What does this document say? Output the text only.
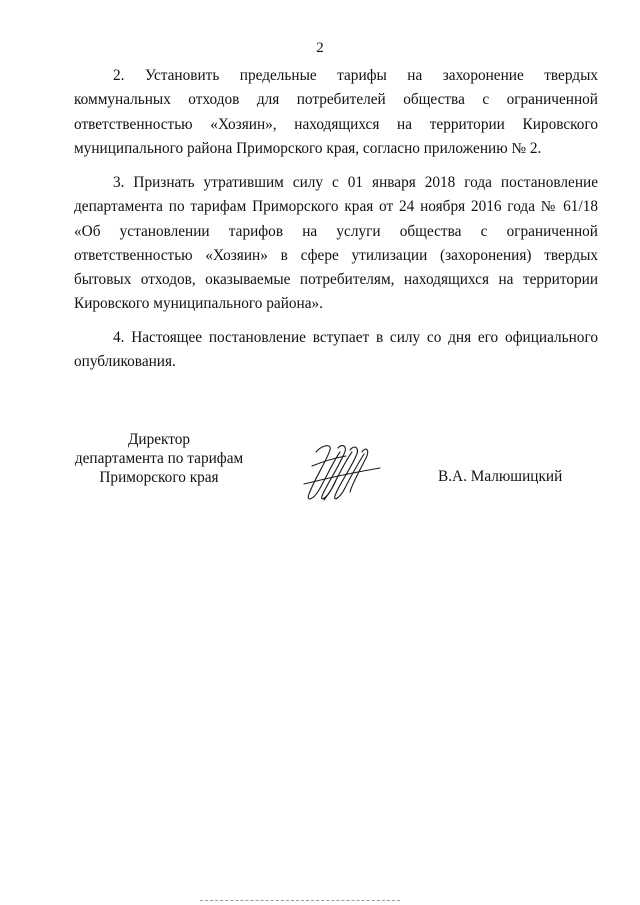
2

2. Установить предельные тарифы на захоронение твердых коммунальных отходов для потребителей общества с ограниченной ответственностью «Хозяин», находящихся на территории Кировского муниципального района Приморского края, согласно приложению № 2.

3. Признать утратившим силу с 01 января 2018 года постановление департамента по тарифам Приморского края от 24 ноября 2016 года № 61/18 «Об установлении тарифов на услуги общества с ограниченной ответственностью «Хозяин» в сфере утилизации (захоронения) твердых бытовых отходов, оказываемые потребителям, находящихся на территории Кировского муниципального района».

4. Настоящее постановление вступает в силу со дня его официального опубликования.

Директор
департамента по тарифам
Приморского края	В.А. Малюшицкий
